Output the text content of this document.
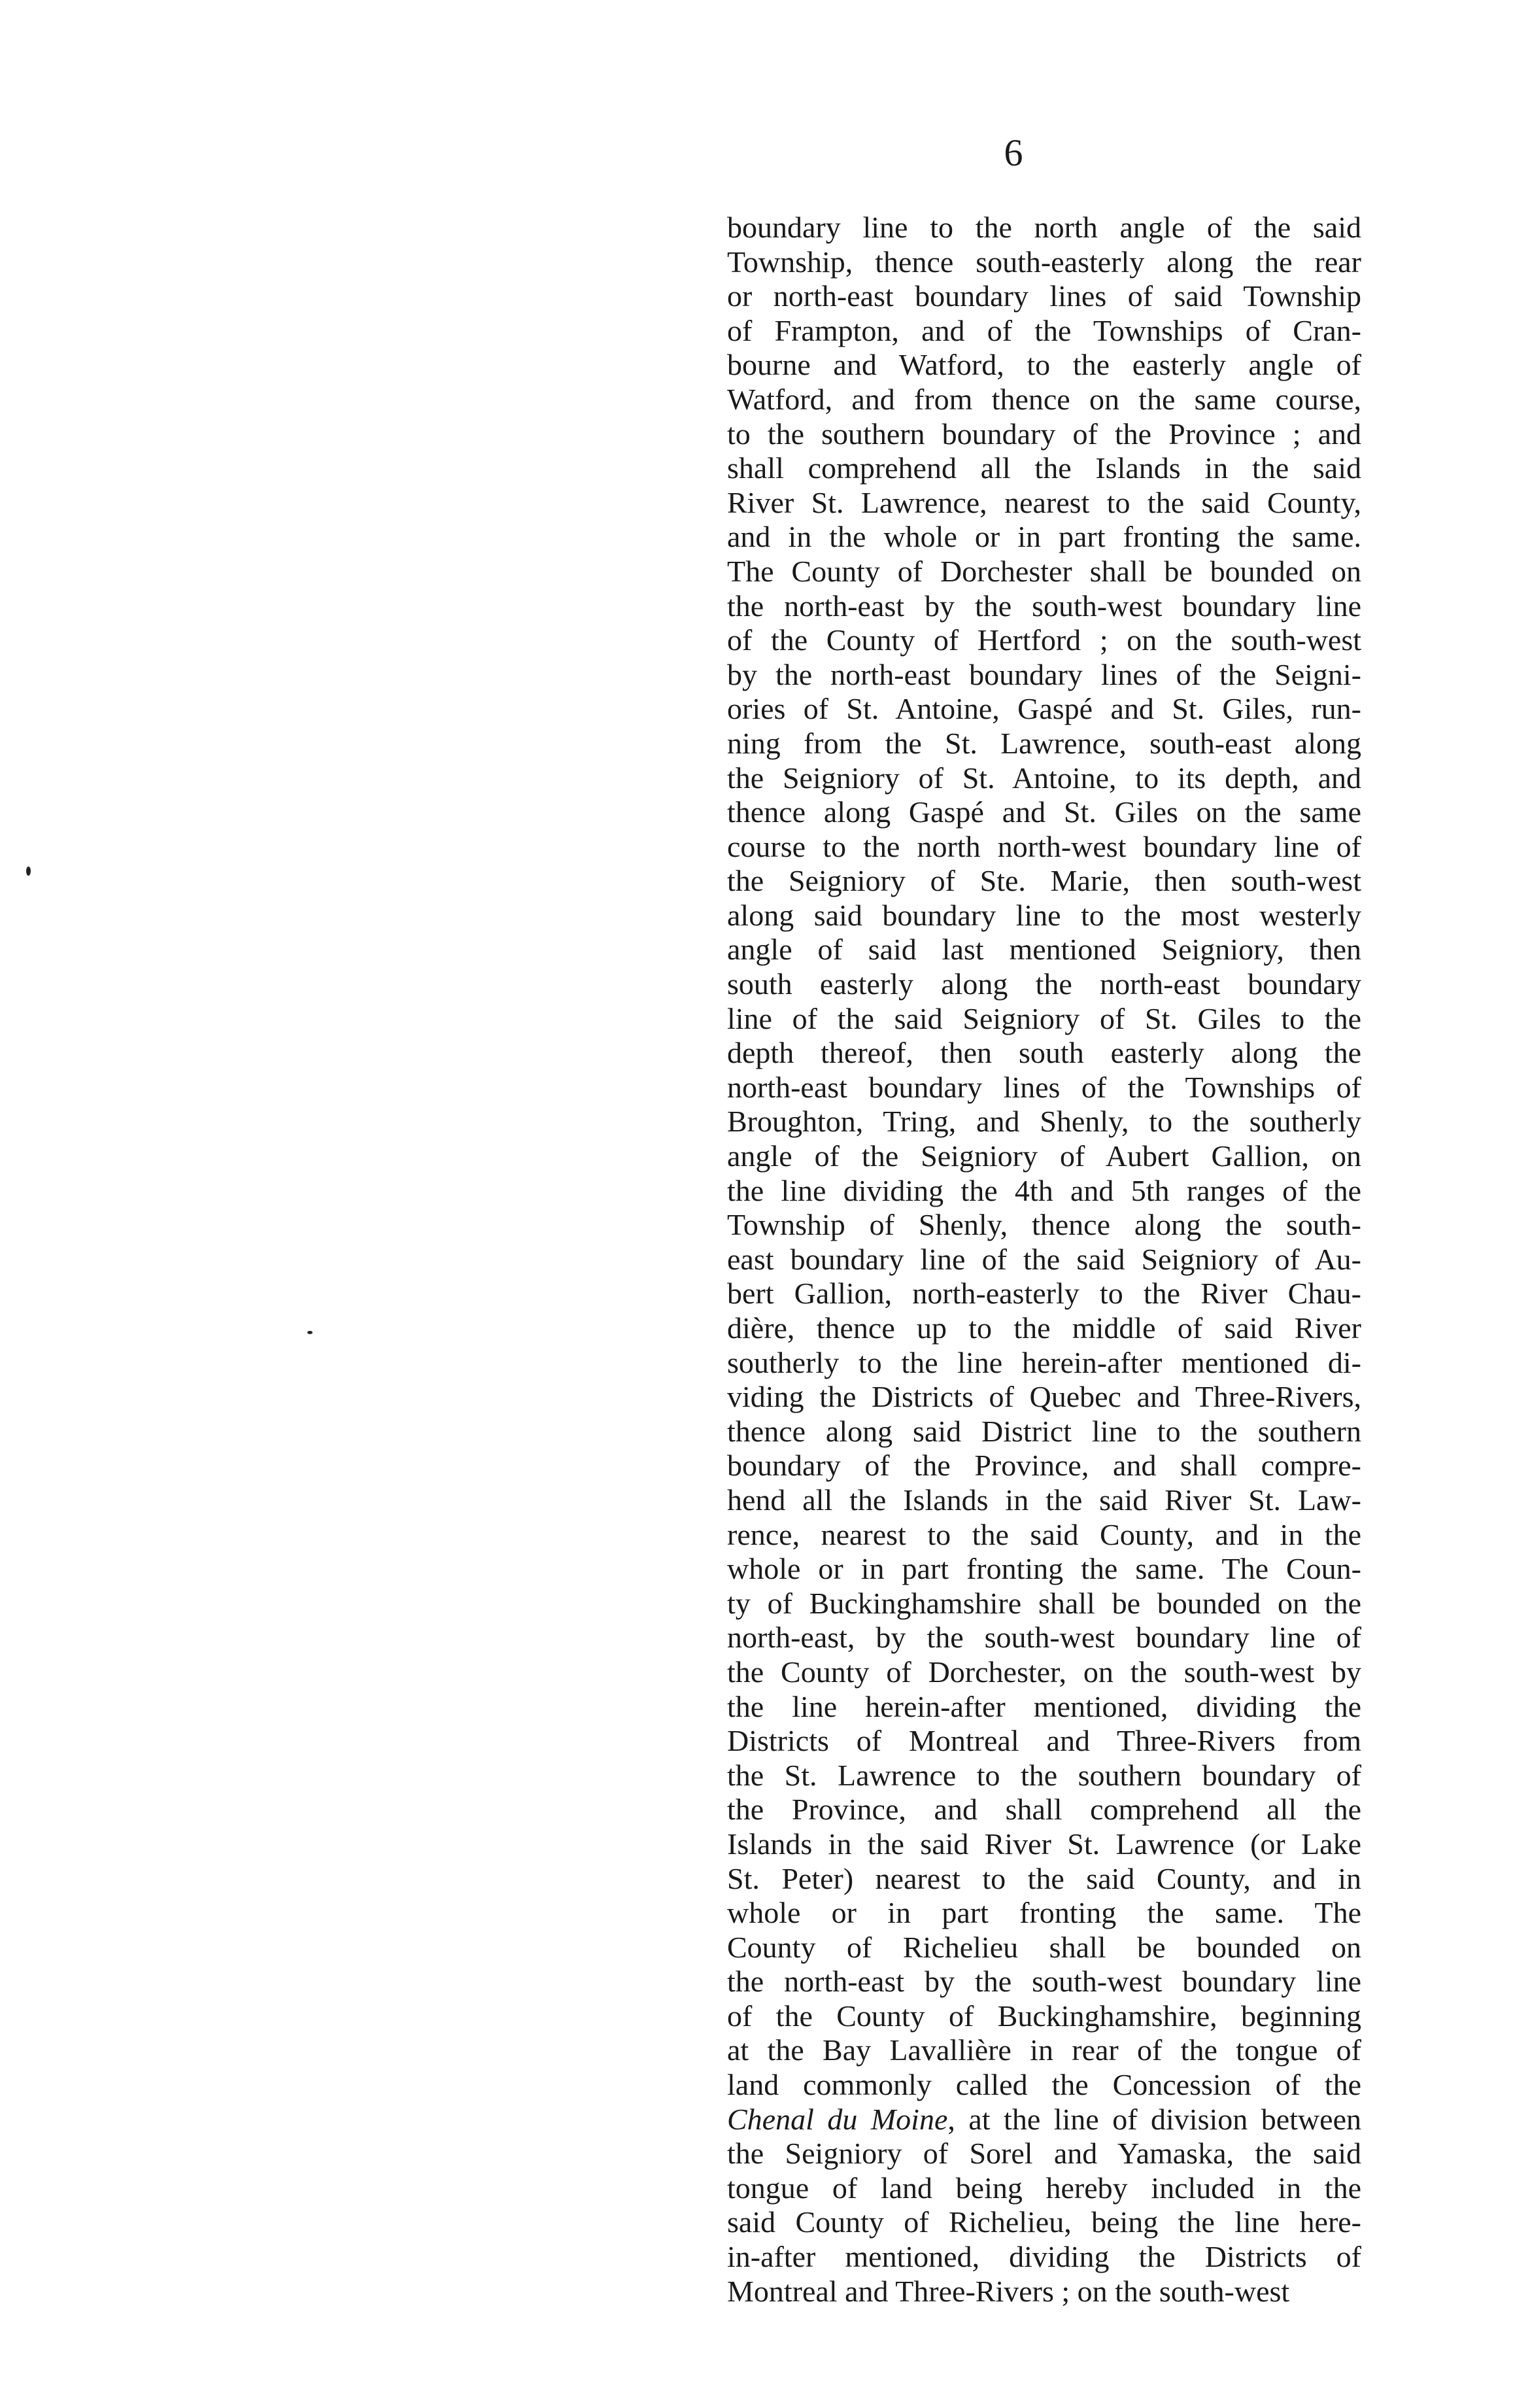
6
boundary line to the north angle of the said
Township, thence south-easterly along the rear
or north-east boundary lines of said Township
of Frampton, and of the Townships of Cran-
bourne and Watford, to the easterly angle of
Watford, and from thence on the same course,
to the southern boundary of the Province ; and
shall comprehend all the Islands in the said
River St. Lawrence, nearest to the said County,
and in the whole or in part fronting the same.
The County of Dorchester shall be bounded on
the north-east by the south-west boundary line
of the County of Hertford ; on the south-west
by the north-east boundary lines of the Seigni-
ories of St. Antoine, Gaspé and St. Giles, run-
ning from the St. Lawrence, south-east along
the Seigniory of St. Antoine, to its depth, and
thence along Gaspé and St. Giles on the same
course to the north north-west boundary line of
the Seigniory of Ste. Marie, then south-west
along said boundary line to the most westerly
angle of said last mentioned Seigniory, then
south easterly along the north-east boundary
line of the said Seigniory of St. Giles to the
depth thereof, then south easterly along the
north-east boundary lines of the Townships of
Broughton, Tring, and Shenly, to the southerly
angle of the Seigniory of Aubert Gallion, on
the line dividing the 4th and 5th ranges of the
Township of Shenly, thence along the south-
east boundary line of the said Seigniory of Au-
bert Gallion, north-easterly to the River Chau-
dière, thence up to the middle of said River
southerly to the line herein-after mentioned di-
viding the Districts of Quebec and Three-Rivers,
thence along said District line to the southern
boundary of the Province, and shall compre-
hend all the Islands in the said River St. Law-
rence, nearest to the said County, and in the
whole or in part fronting the same. The Coun-
ty of Buckinghamshire shall be bounded on the
north-east, by the south-west boundary line of
the County of Dorchester, on the south-west by
the line herein-after mentioned, dividing the
Districts of Montreal and Three-Rivers from
the St. Lawrence to the southern boundary of
the Province, and shall comprehend all the
Islands in the said River St. Lawrence (or Lake
St. Peter) nearest to the said County, and in
whole or in part fronting the same. The
County of Richelieu shall be bounded on
the north-east by the south-west boundary line
of the County of Buckinghamshire, beginning
at the Bay Lavallière in rear of the tongue of
land commonly called the Concession of the
Chenal du Moine, at the line of division between
the Seigniory of Sorel and Yamaska, the said
tongue of land being hereby included in the
said County of Richelieu, being the line here-
in-after mentioned, dividing the Districts of
Montreal and Three-Rivers ; on the south-west
